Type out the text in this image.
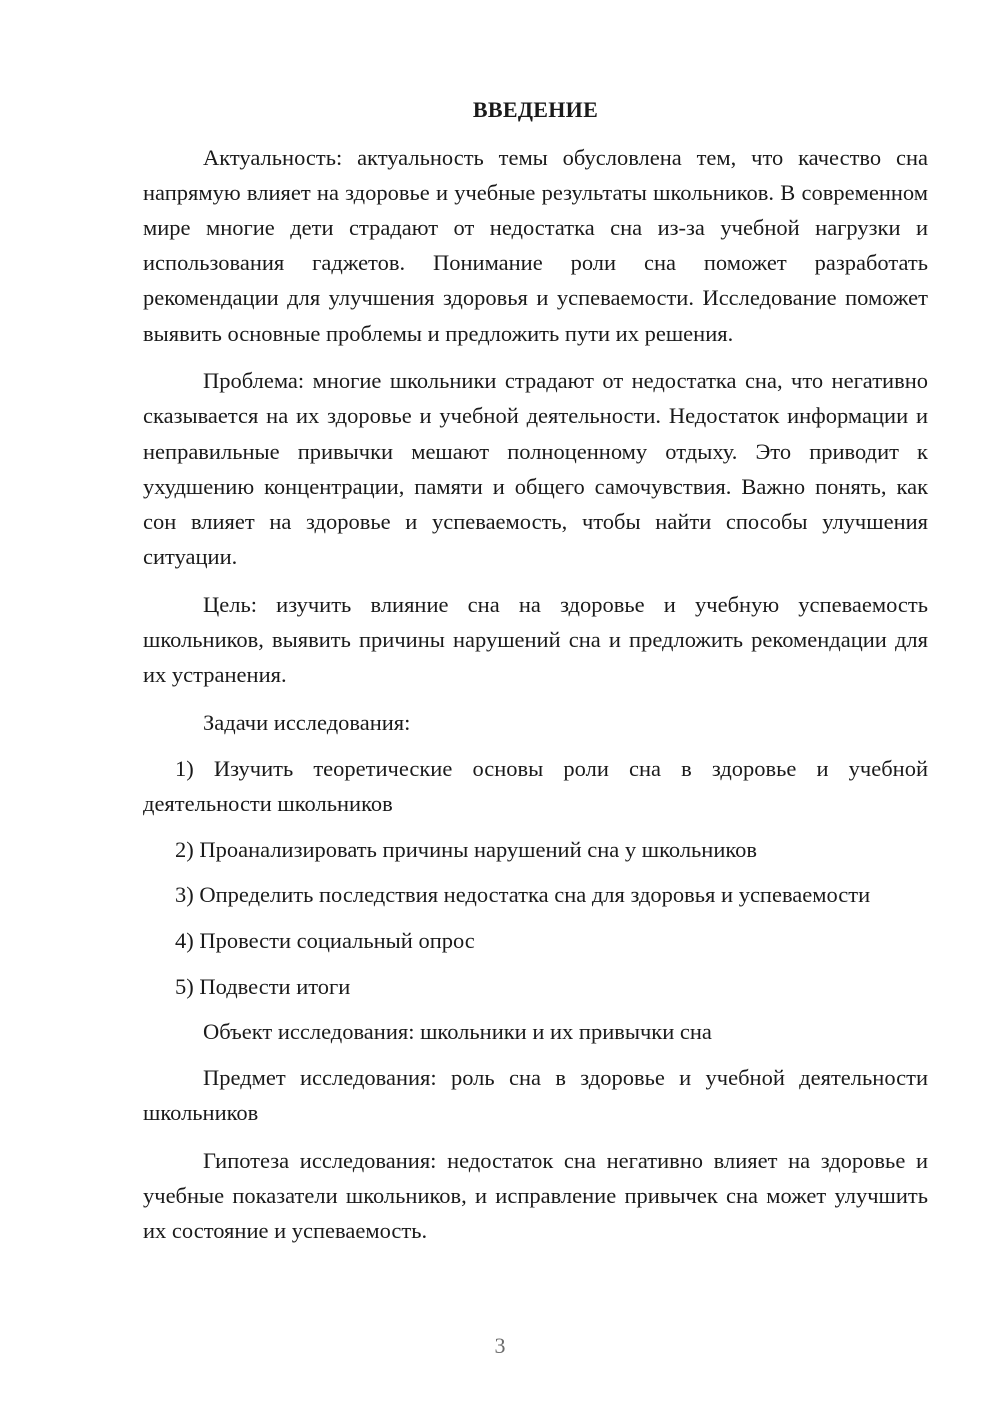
ВВЕДЕНИЕ

Актуальность: актуальность темы обусловлена тем, что качество сна напрямую влияет на здоровье и учебные результаты школьников. В современном мире многие дети страдают от недостатка сна из-за учебной нагрузки и использования гаджетов. Понимание роли сна поможет разработать рекомендации для улучшения здоровья и успеваемости. Исследование поможет выявить основные проблемы и предложить пути их решения.

Проблема: многие школьники страдают от недостатка сна, что негативно сказывается на их здоровье и учебной деятельности. Недостаток информации и неправильные привычки мешают полноценному отдыху. Это приводит к ухудшению концентрации, памяти и общего самочувствия. Важно понять, как сон влияет на здоровье и успеваемость, чтобы найти способы улучшения ситуации.

Цель: изучить влияние сна на здоровье и учебную успеваемость школьников, выявить причины нарушений сна и предложить рекомендации для их устранения.

Задачи исследования:

1) Изучить теоретические основы роли сна в здоровье и учебной деятельности школьников

2) Проанализировать причины нарушений сна у школьников

3) Определить последствия недостатка сна для здоровья и успеваемости

4) Провести социальный опрос

5) Подвести итоги

Объект исследования: школьники и их привычки сна

Предмет исследования: роль сна в здоровье и учебной деятельности школьников

Гипотеза исследования: недостаток сна негативно влияет на здоровье и учебные показатели школьников, и исправление привычек сна может улучшить их состояние и успеваемость.

3
